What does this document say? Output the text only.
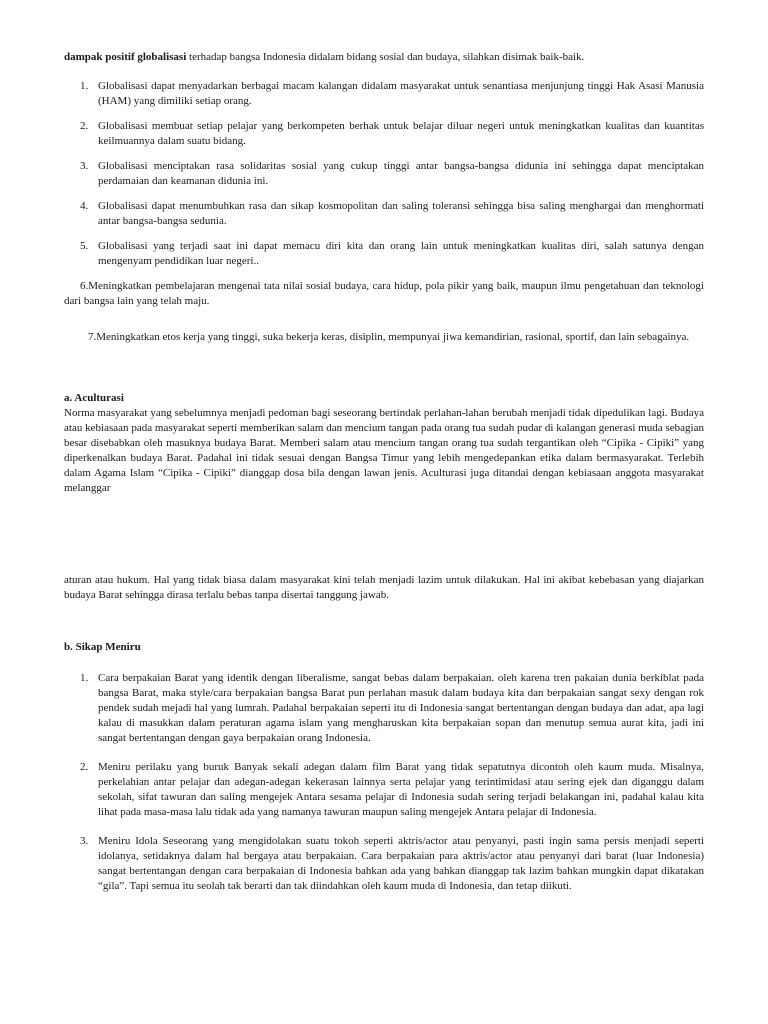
dampak positif globalisasi terhadap bangsa Indonesia didalam bidang sosial dan budaya, silahkan disimak baik-baik.

1. Globalisasi dapat menyadarkan berbagai macam kalangan didalam masyarakat untuk senantiasa menjunjung tinggi Hak Asasi Manusia (HAM) yang dimiliki setiap orang.
2. Globalisasi membuat setiap pelajar yang berkompeten berhak untuk belajar diluar negeri untuk meningkatkan kualitas dan kuantitas keilmuannya dalam suatu bidang.
3. Globalisasi menciptakan rasa solidaritas sosial yang cukup tinggi antar bangsa-bangsa didunia ini sehingga dapat menciptakan perdamaian dan keamanan didunia ini.
4. Globalisasi dapat menumbuhkan rasa dan sikap kosmopolitan dan saling toleransi sehingga bisa saling menghargai dan menghormati antar bangsa-bangsa sedunia.
5. Globalisasi yang terjadi saat ini dapat memacu diri kita dan orang lain untuk meningkatkan kualitas diri, salah satunya dengan mengenyam pendidikan luar negeri..

6.Meningkatkan pembelajaran mengenai tata nilai sosial budaya, cara hidup, pola pikir yang baik, maupun ilmu pengetahuan dan teknologi dari bangsa lain yang telah maju.

7.Meningkatkan etos kerja yang tinggi, suka bekerja keras, disiplin, mempunyai jiwa kemandirian, rasional, sportif, dan lain sebagainya.

a. Aculturasi

Norma masyarakat yang sebelumnya menjadi pedoman bagi seseorang bertindak perlahan-lahan berubah menjadi tidak dipedulikan lagi. Budaya atau kebiasaan pada masyarakat seperti memberikan salam dan mencium tangan pada orang tua sudah pudar di kalangan generasi muda sebagian besar disebabkan oleh masuknya budaya Barat. Memberi salam atau mencium tangan orang tua sudah tergantikan oleh “Cipika - Cipiki” yang diperkenalkan budaya Barat. Padahal ini tidak sesuai dengan Bangsa Timur yang lebih mengedepankan etika dalam bermasyarakat. Terlebih dalam Agama Islam “Cipika - Cipiki” dianggap dosa bila dengan lawan jenis. Aculturasi juga ditandai dengan kebiasaan anggota masyarakat melanggar

aturan atau hukum. Hal yang tidak biasa dalam masyarakat kini telah menjadi lazim untuk dilakukan. Hal ini akibat kebebasan yang diajarkan budaya Barat sehingga dirasa terlalu bebas tanpa disertai tanggung jawab.

b. Sikap Meniru

1. Cara berpakaian Barat yang identik dengan liberalisme, sangat bebas dalam berpakaian. oleh karena tren pakaian dunia berkiblat pada bangsa Barat, maka style/cara berpakaian bangsa Barat pun perlahan masuk dalam budaya kita dan berpakaian sangat sexy dengan rok pendek sudah mejadi hal yang lumrah. Padahal berpakaian seperti itu di Indonesia sangat bertentangan dengan budaya dan adat, apa lagi kalau di masukkan dalam peraturan agama islam yang mengharuskan kita berpakaian sopan dan menutup semua aurat kita, jadi ini sangat bertentangan dengan gaya berpakaian orang Indonesia.
2. Meniru perilaku yang buruk Banyak sekali adegan dalam film Barat yang tidak sepatutnya dicontoh oleh kaum muda. Misalnya, perkelahian antar pelajar dan adegan-adegan kekerasan lainnya serta pelajar yang terintimidasi atau sering ejek dan diganggu dalam sekolah, sifat tawuran dan saling mengejek Antara sesama pelajar di Indonesia sudah sering terjadi belakangan ini, padahal kalau kita lihat pada masa-masa lalu tidak ada yang namanya tawuran maupun saling mengejek Antara pelajar di Indonesia.
3. Meniru Idola Seseorang yang mengidolakan suatu tokoh seperti aktris/actor atau penyanyi, pasti ingin sama persis menjadi seperti idolanya, setidaknya dalam hal bergaya atau berpakaian. Cara berpakaian para aktris/actor atau penyanyi dari barat (luar Indonesia) sangat bertentangan dengan cara berpakaian di Indonesia bahkan ada yang bahkan dianggap tak lazim bahkan mungkin dapat dikatakan “gila”. Tapi semua itu seolah tak berarti dan tak diindahkan oleh kaum muda di Indonesia, dan tetap diikuti.
